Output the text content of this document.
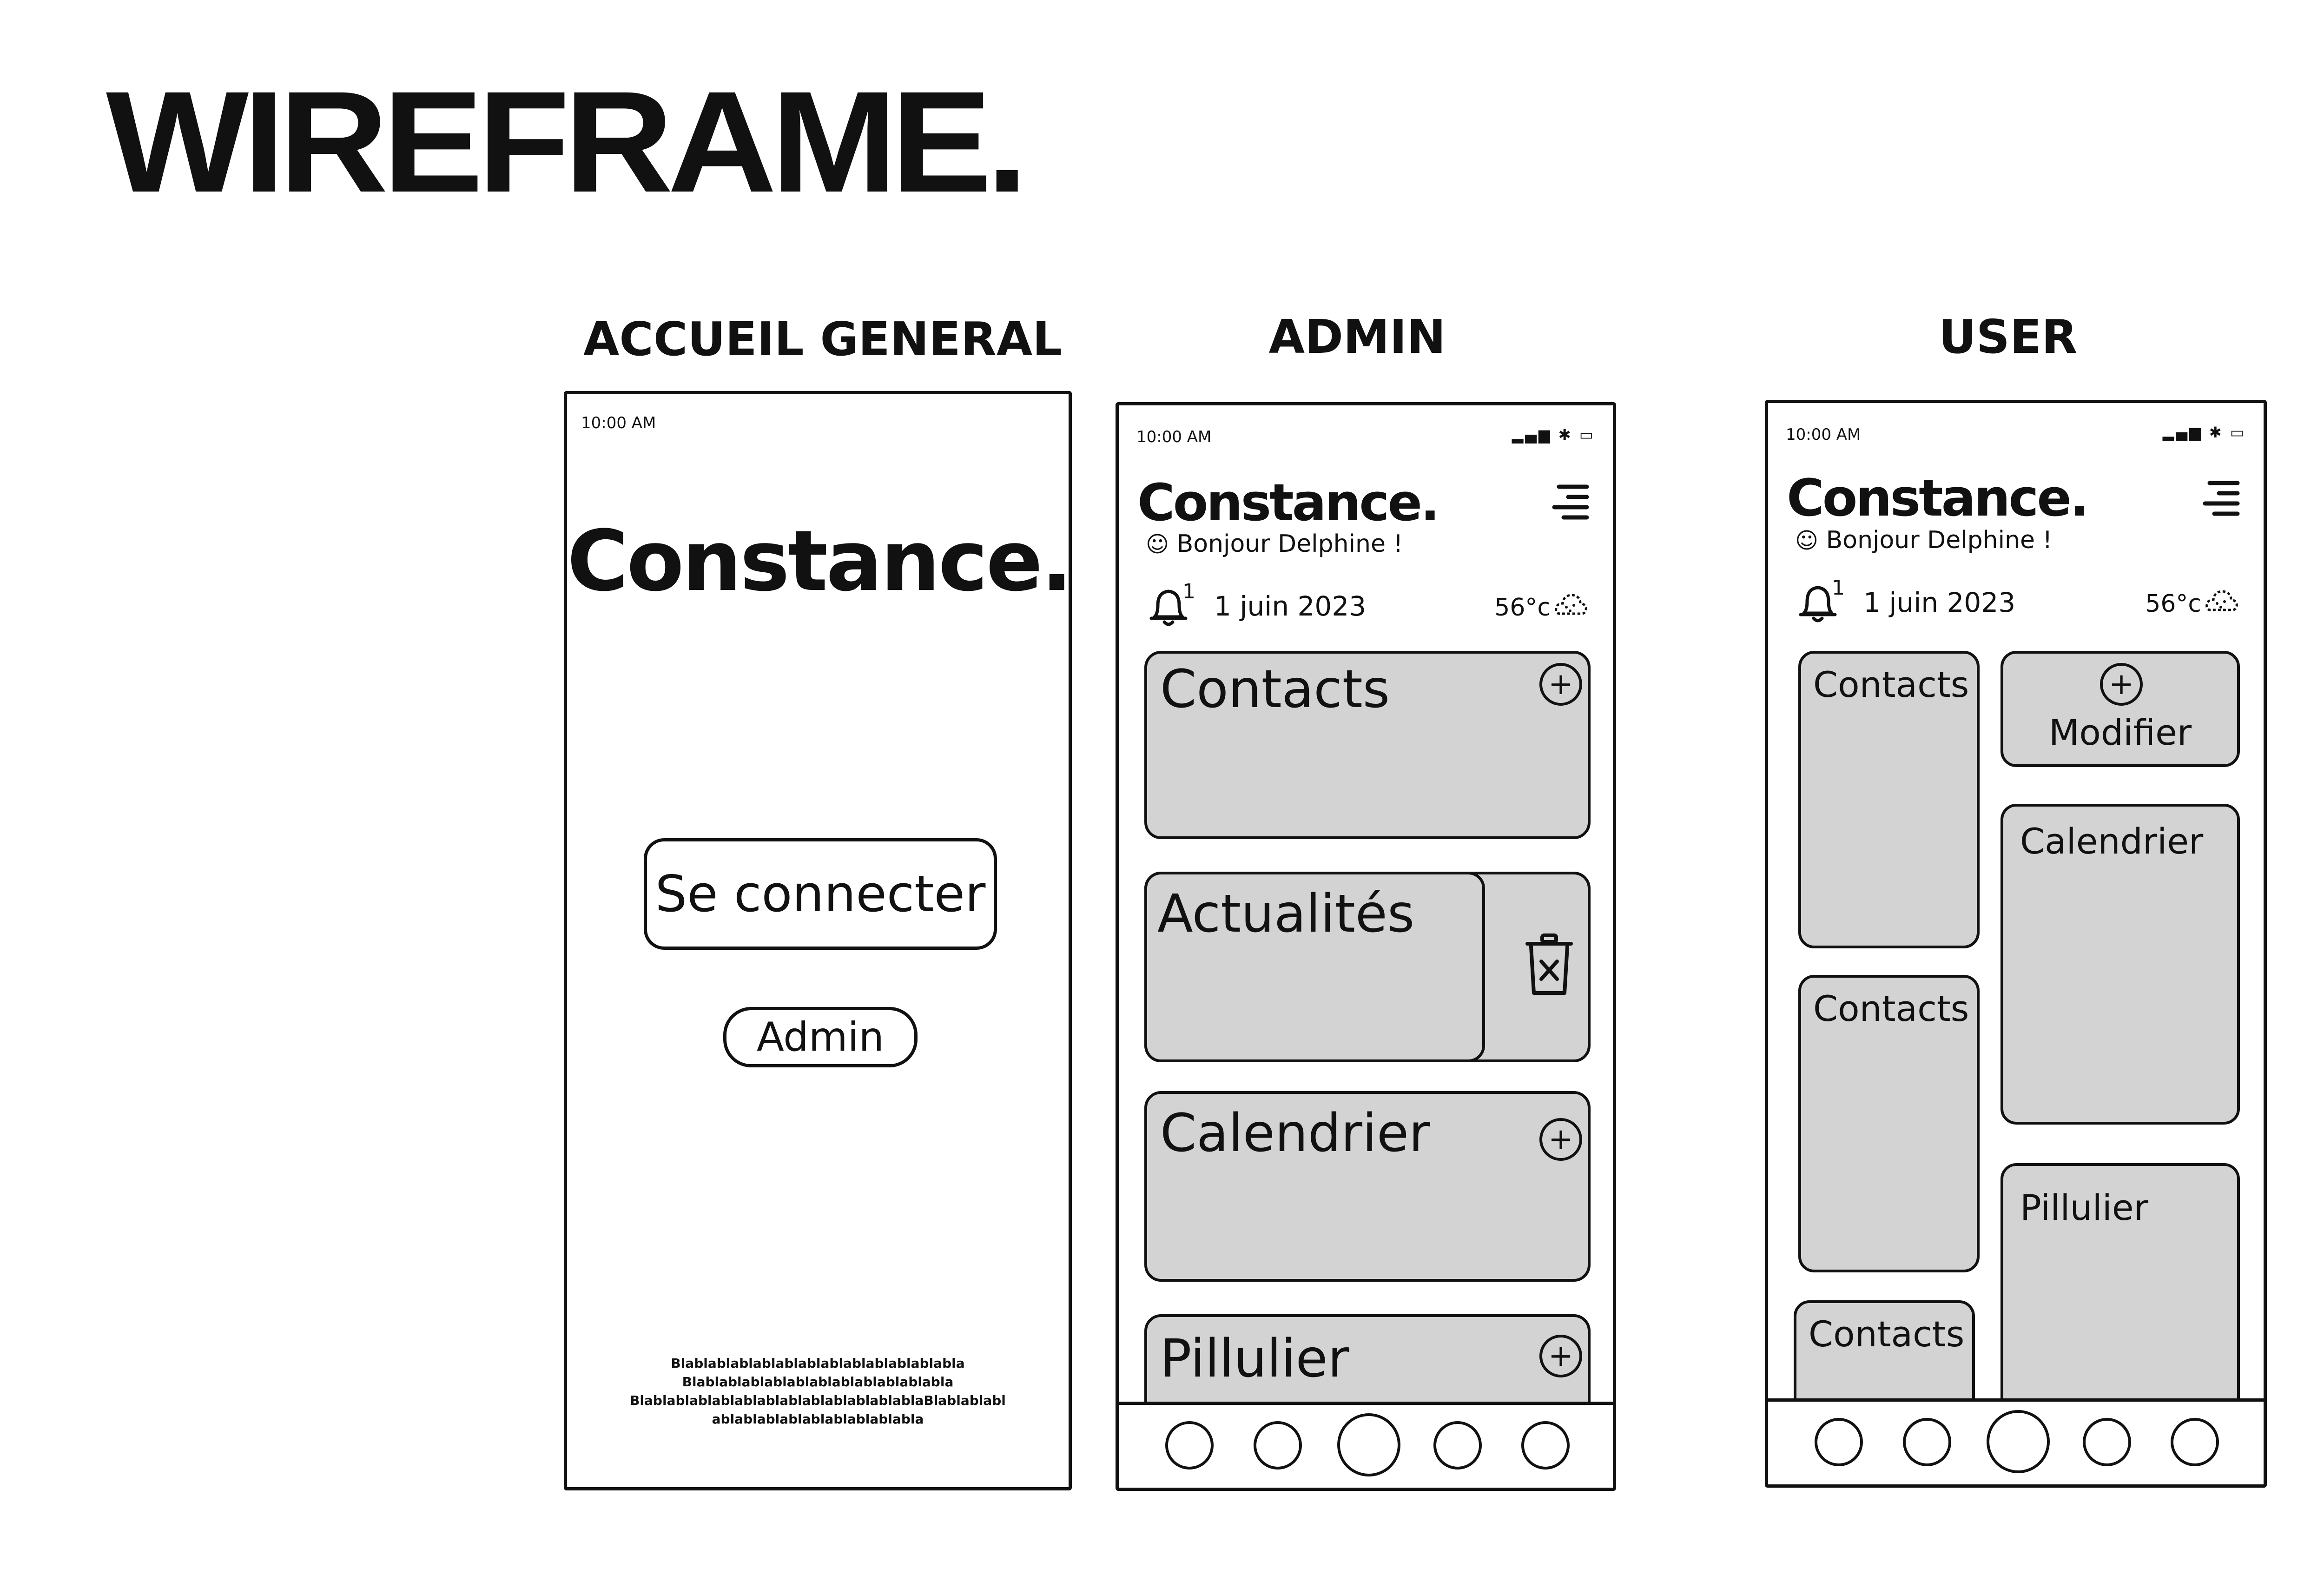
WIREFRAME.
ACCUEIL GENERAL	ADMIN	USER
10:00 AM
Constance.
Se connecter
Admin
Blablablablablablablablablablablablabla
Blablablablablablablablablablablabla
BlablablablablablablablablablablablablaBlablablabl
ablablablablablablablablabla
10:00 AM	▂▄▆ ✱ ▭
Constance.
☺ Bonjour Delphine !
1 1 juin 2023	56°c
Contacts	+
Actualités
Calendrier	+
Pillulier	+
10:00 AM	▂▄▆ ✱ ▭
Constance.
☺ Bonjour Delphine !
1 1 juin 2023	56°c
Contacts
Contacts
Contacts
+
Modifier
Calendrier
Pillulier
